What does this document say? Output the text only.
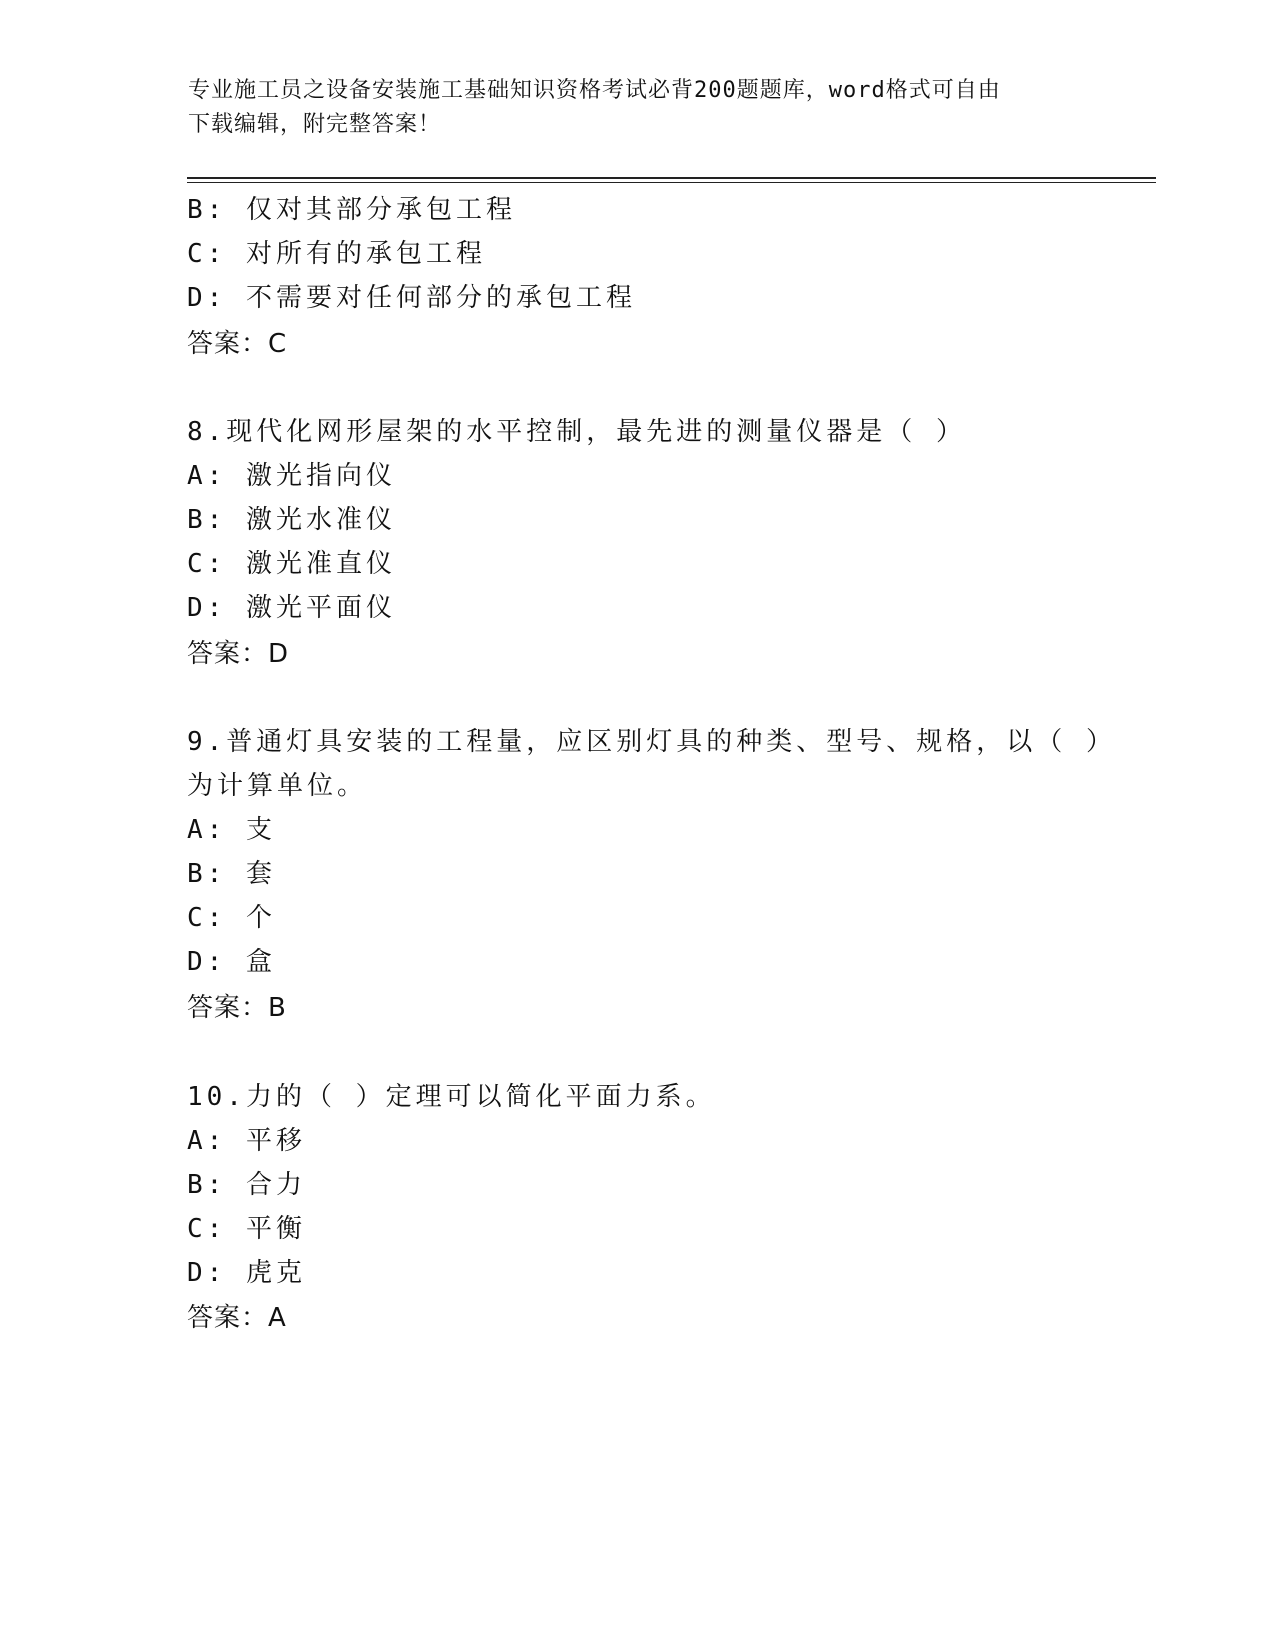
专业施工员之设备安装施工基础知识资格考试必背200题题库，word格式可自由
下载编辑，附完整答案！
B: 仅对其部分承包工程
C: 对所有的承包工程
D: 不需要对任何部分的承包工程
答案：C
8.现代化网形屋架的水平控制，最先进的测量仪器是（ ）
A: 激光指向仪
B: 激光水准仪
C: 激光准直仪
D: 激光平面仪
答案：D
9.普通灯具安装的工程量，应区别灯具的种类、型号、规格，以（ ）
为计算单位。
A: 支
B: 套
C: 个
D: 盒
答案：B
10.力的（ ）定理可以简化平面力系。
A: 平移
B: 合力
C: 平衡
D: 虎克
答案：A
